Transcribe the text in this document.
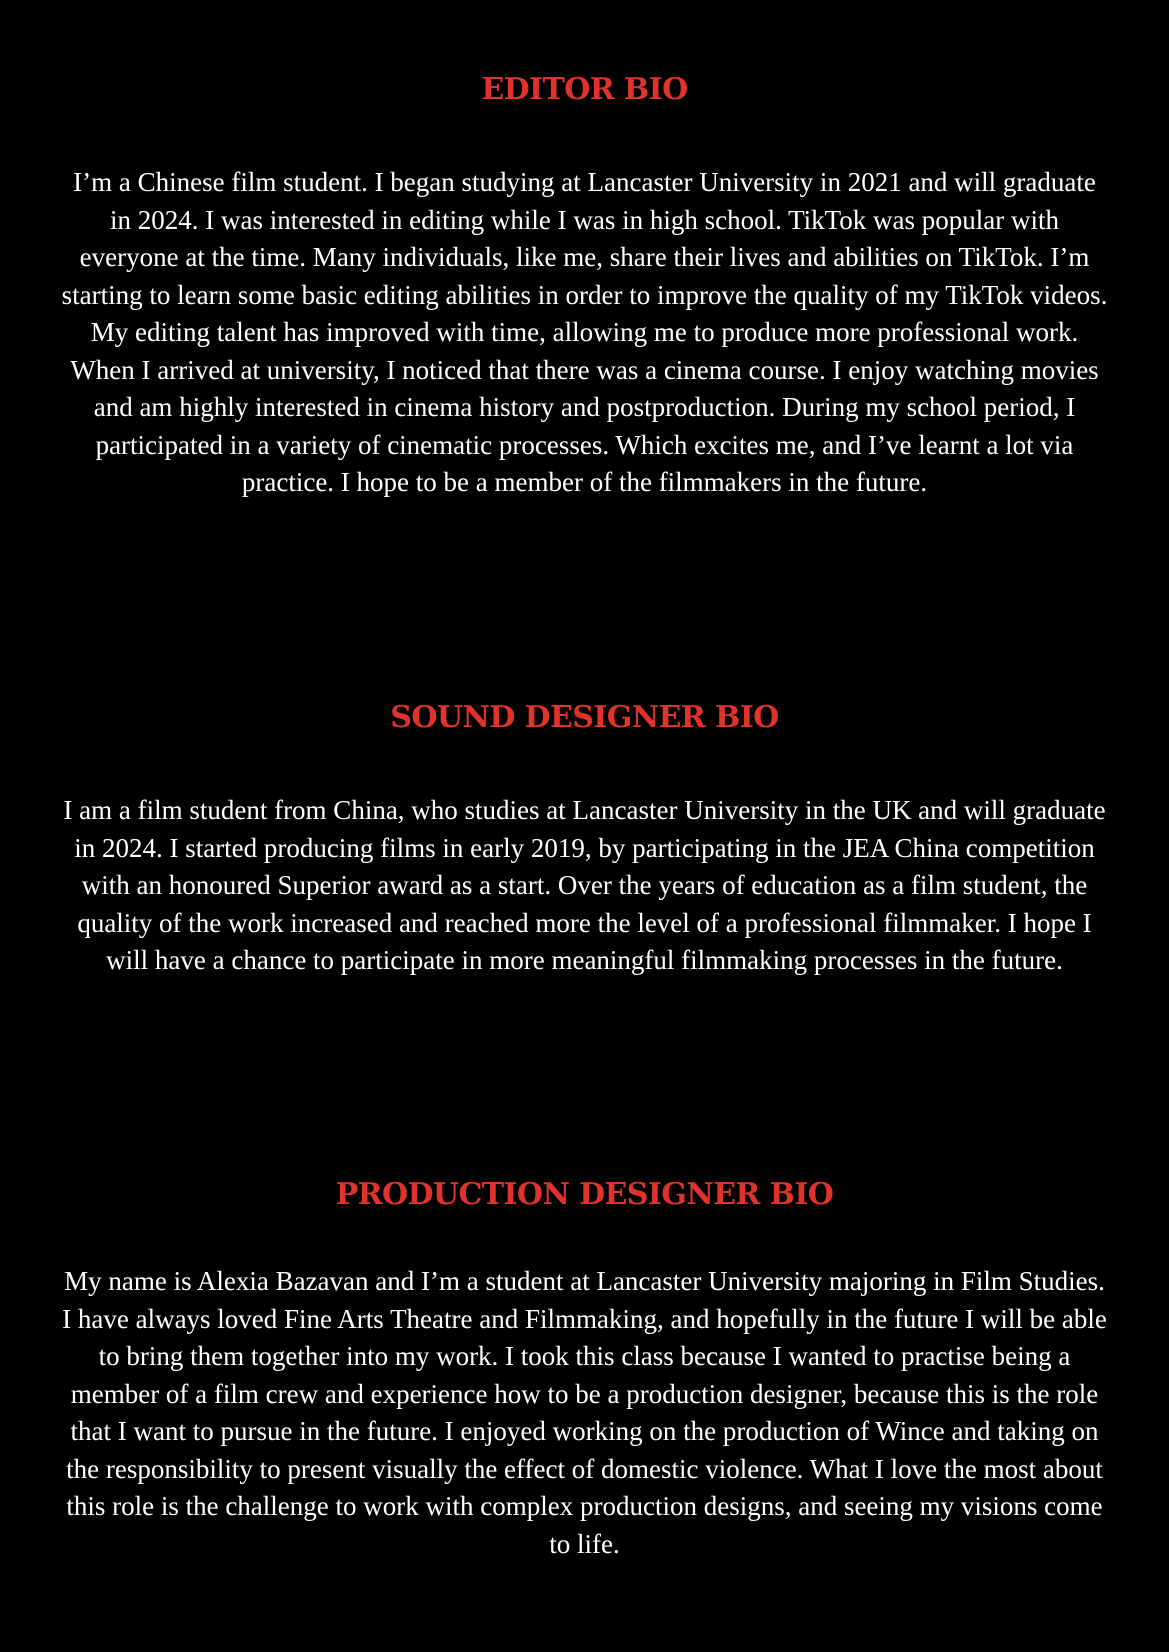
EDITOR BIO

I’m a Chinese film student. I began studying at Lancaster University in 2021 and will graduate in 2024. I was interested in editing while I was in high school. TikTok was popular with everyone at the time. Many individuals, like me, share their lives and abilities on TikTok. I’m starting to learn some basic editing abilities in order to improve the quality of my TikTok videos. My editing talent has improved with time, allowing me to produce more professional work. When I arrived at university, I noticed that there was a cinema course. I enjoy watching movies and am highly interested in cinema history and postproduction. During my school period, I participated in a variety of cinematic processes. Which excites me, and I’ve learnt a lot via practice. I hope to be a member of the filmmakers in the future.

SOUND DESIGNER BIO

I am a film student from China, who studies at Lancaster University in the UK and will graduate in 2024. I started producing films in early 2019, by participating in the JEA China competition with an honoured Superior award as a start. Over the years of education as a film student, the quality of the work increased and reached more the level of a professional filmmaker. I hope I will have a chance to participate in more meaningful filmmaking processes in the future.

PRODUCTION DESIGNER BIO

My name is Alexia Bazavan and I’m a student at Lancaster University majoring in Film Studies. I have always loved Fine Arts Theatre and Filmmaking, and hopefully in the future I will be able to bring them together into my work. I took this class because I wanted to practise being a member of a film crew and experience how to be a production designer, because this is the role that I want to pursue in the future. I enjoyed working on the production of Wince and taking on the responsibility to present visually the effect of domestic violence. What I love the most about this role is the challenge to work with complex production designs, and seeing my visions come to life.
